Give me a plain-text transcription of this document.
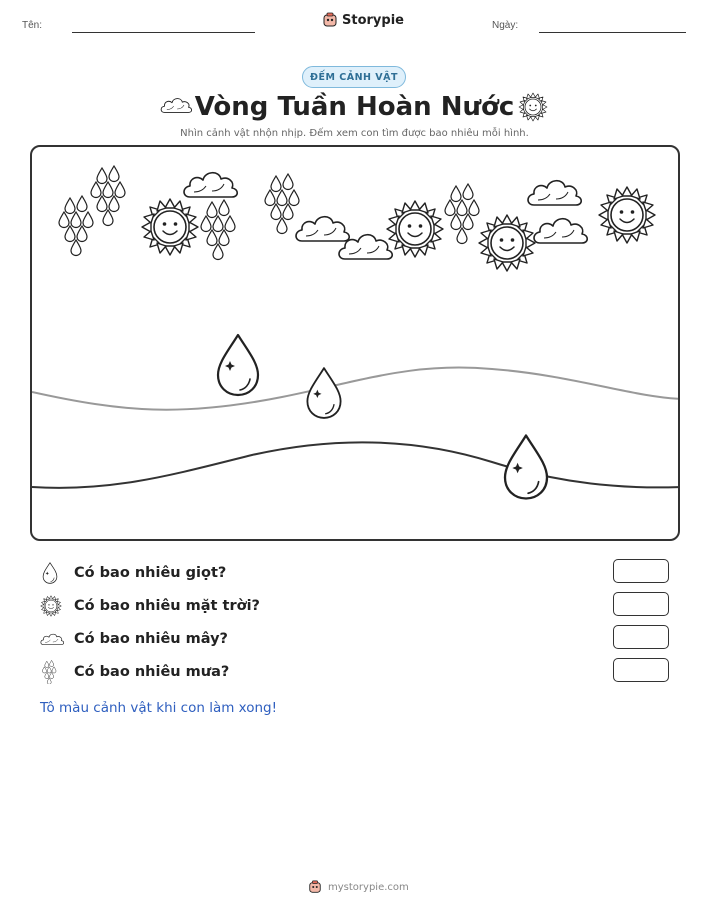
Tên:	Storypie	Ngày:
ĐẾM CẢNH VẬT
Vòng Tuần Hoàn Nước
Nhìn cảnh vật nhộn nhịp. Đếm xem con tìm được bao nhiêu mỗi hình.
Có bao nhiêu giọt?
Có bao nhiêu mặt trời?
Có bao nhiêu mây?
Có bao nhiêu mưa?
Tô màu cảnh vật khi con làm xong!
mystorypie.com
